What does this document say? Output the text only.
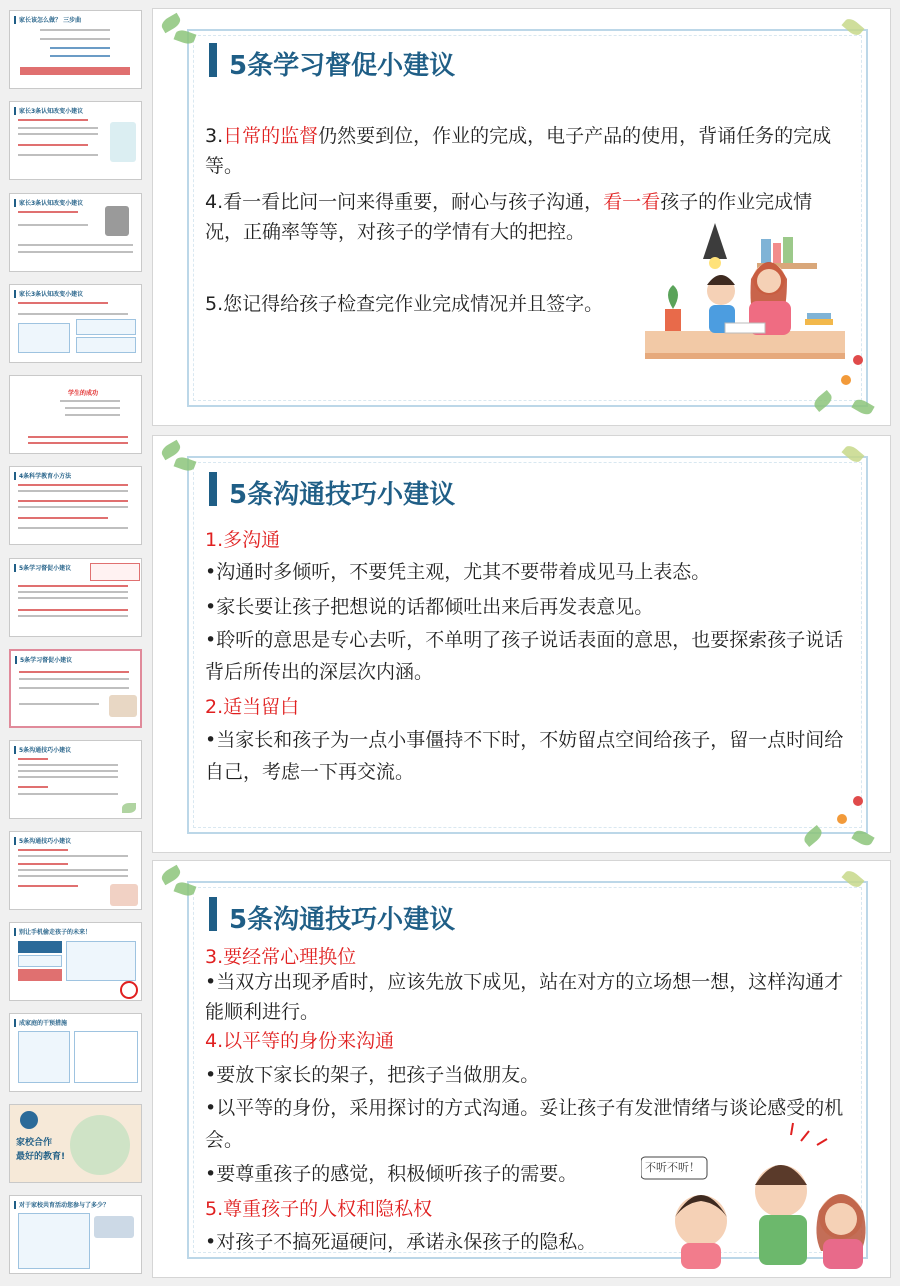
家长该怎么做？ 三步曲
家长3条认知改变小建议
家长3条认知改变小建议
家长3条认知改变小建议
学生的成功
4条科学教育小方法
5条学习督促小建议
5条学习督促小建议
5条沟通技巧小建议
5条沟通技巧小建议
别让手机偷走孩子的未来！
成家庭的干预措施
家校合作
最好的教育!
对于家校共育活动您参与了多少？
5条学习督促小建议
3.日常的监督仍然要到位，作业的完成，电子产品的使用，背诵任务的完成等。
4.看一看比问一问来得重要，耐心与孩子沟通，看一看孩子的作业完成情况，正确率等等，对孩子的学情有大的把控。
5.您记得给孩子检查完作业完成情况并且签字。
5条沟通技巧小建议
1.多沟通
•沟通时多倾听，不要凭主观，尤其不要带着成见马上表态。
•家长要让孩子把想说的话都倾吐出来后再发表意见。
•聆听的意思是专心去听，不单明了孩子说话表面的意思，也要探索孩子说话背后所传出的深层次内涵。
2.适当留白
•当家长和孩子为一点小事僵持不下时，不妨留点空间给孩子，留一点时间给自己，考虑一下再交流。
5条沟通技巧小建议
3.要经常心理换位
•当双方出现矛盾时，应该先放下成见，站在对方的立场想一想，这样沟通才能顺利进行。
4.以平等的身份来沟通
•要放下家长的架子，把孩子当做朋友。
•以平等的身份，采用探讨的方式沟通。妥让孩子有发泄情绪与谈论感受的机会。
•要尊重孩子的感觉，积极倾听孩子的需要。
5.尊重孩子的人权和隐私权
•对孩子不搞死逼硬问，承诺永保孩子的隐私。
不听不听！
